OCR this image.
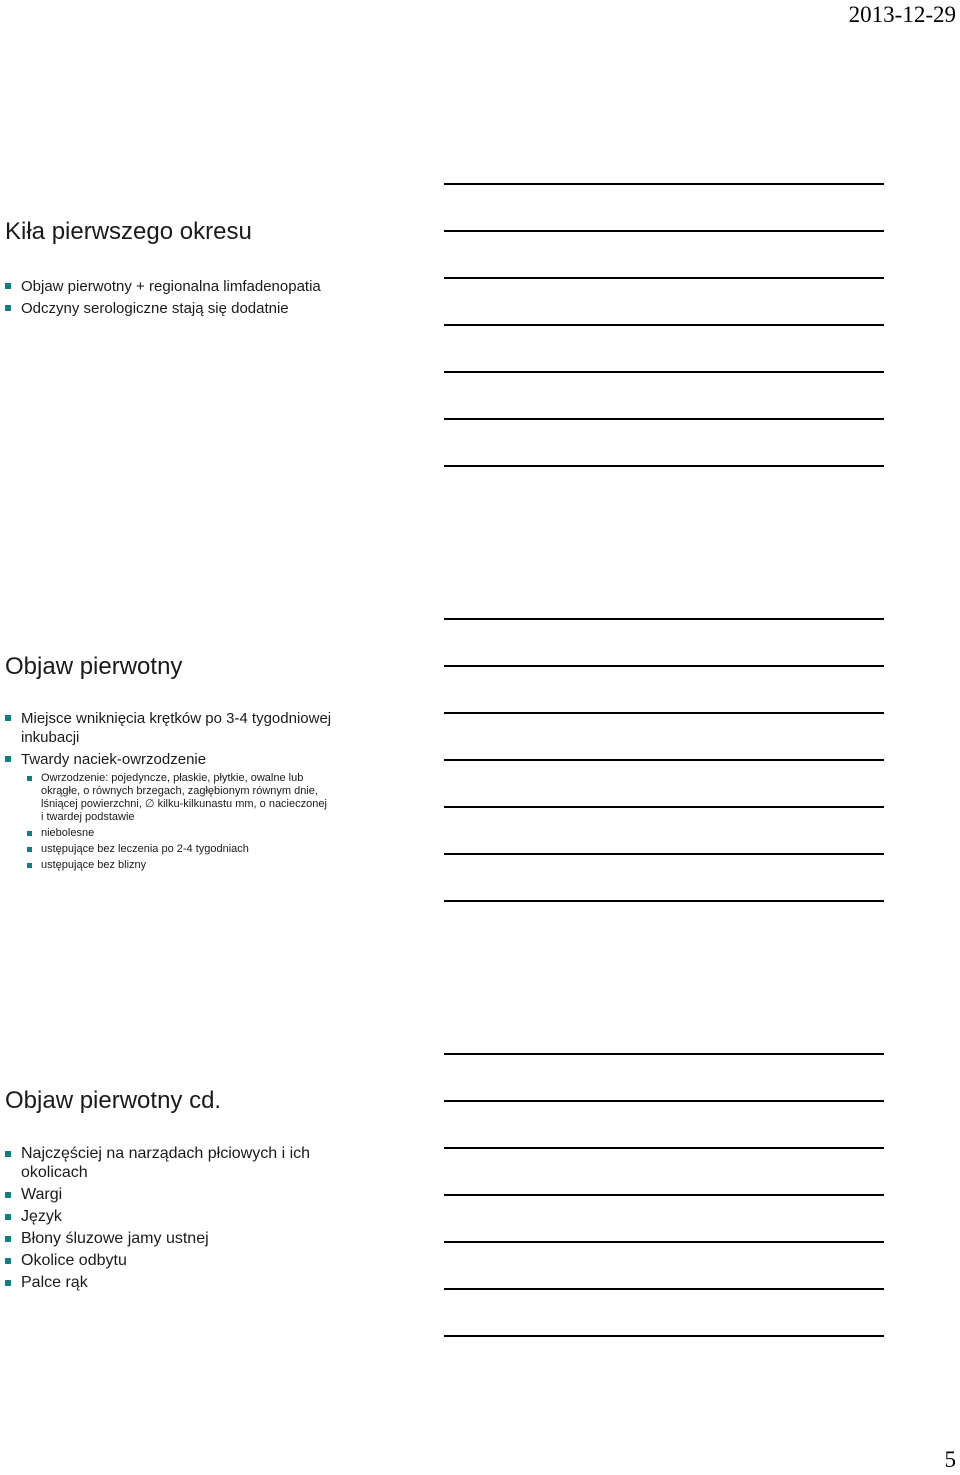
2013-12-29
Kiła pierwszego okresu
Objaw pierwotny + regionalna limfadenopatia
Odczyny serologiczne stają się dodatnie
Objaw pierwotny
Miejsce wniknięcia krętków po 3-4 tygodniowej inkubacji
Twardy naciek-owrzodzenie
Owrzodzenie: pojedyncze, płaskie, płytkie, owalne lub okrągłe, o równych brzegach, zagłębionym równym dnie, lśniącej powierzchni, ∅ kilku-kilkunastu mm, o nacieczonej i twardej podstawie
niebolesne
ustępujące bez leczenia po 2-4 tygodniach
ustępujące bez blizny
Objaw pierwotny cd.
Najczęściej na narządach płciowych i ich okolicach
Wargi
Język
Błony śluzowe jamy ustnej
Okolice odbytu
Palce rąk
5
